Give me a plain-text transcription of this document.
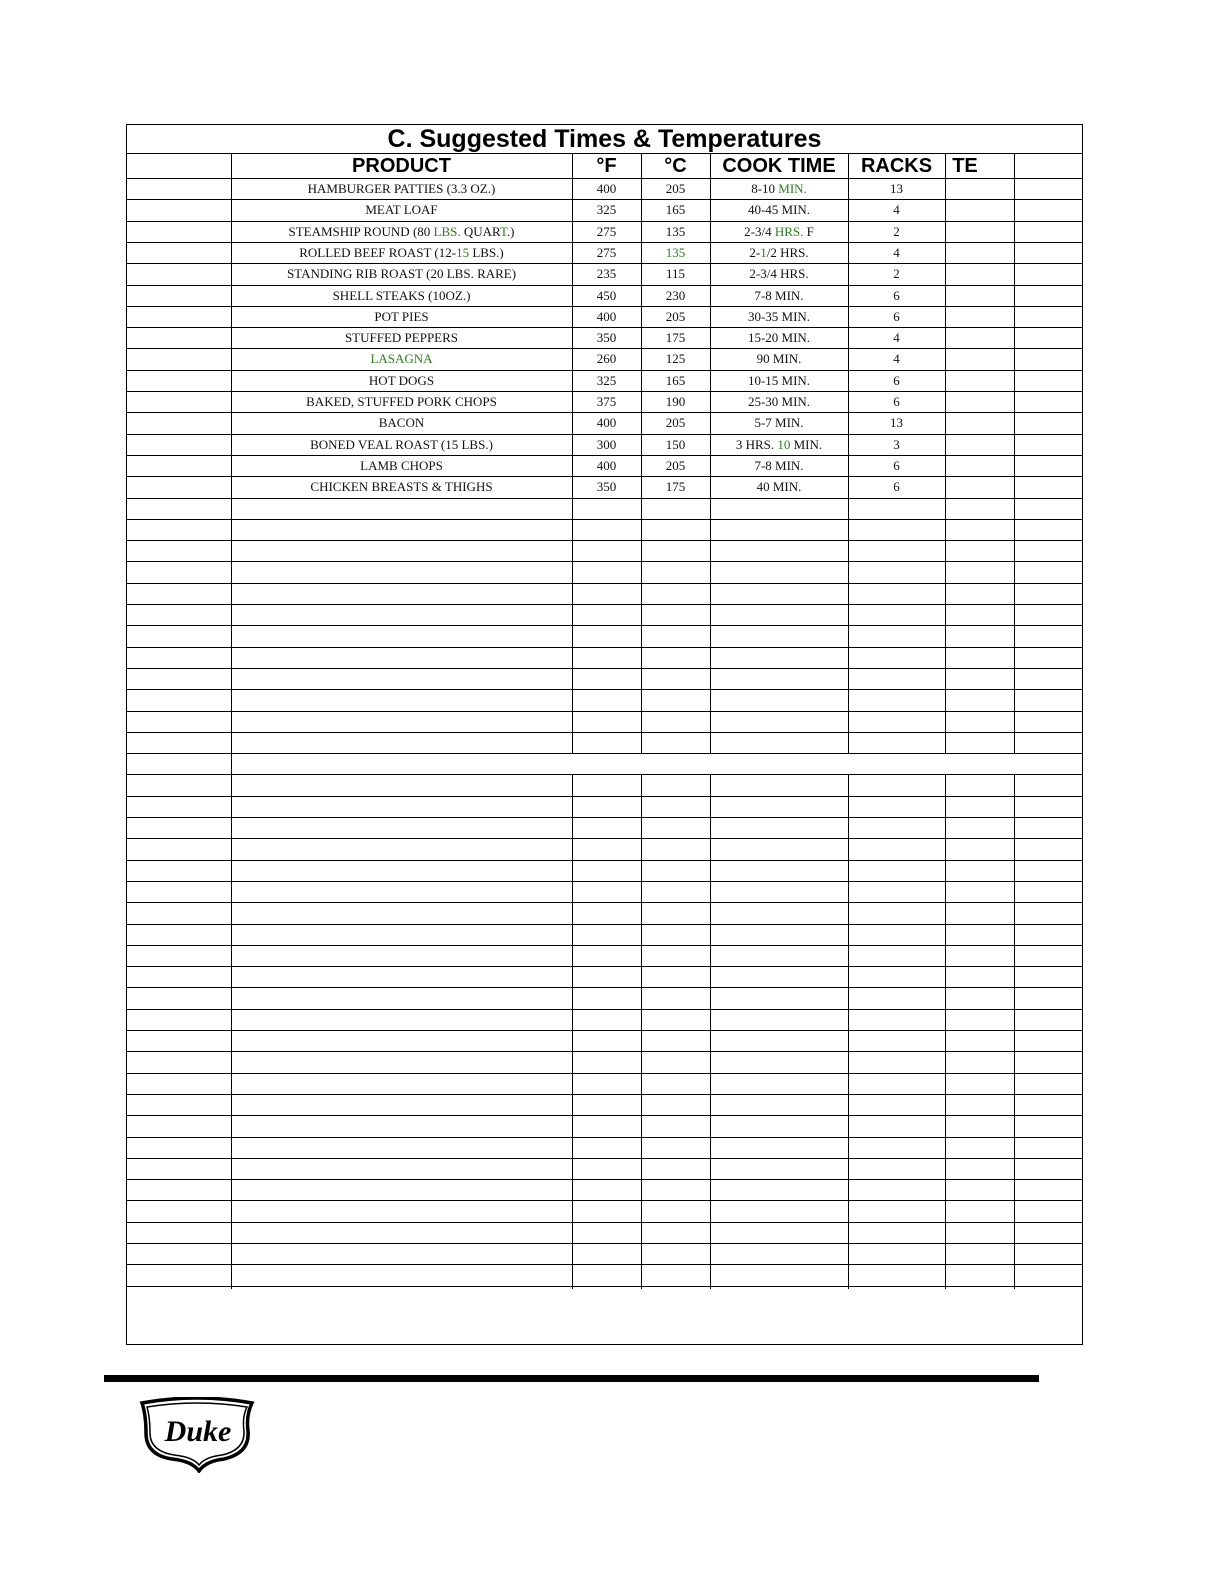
C. Suggested Times & Temperatures
PRODUCT	°F	°C	COOK TIME	RACKS	TE
HAMBURGER PATTIES (3.3 OZ.)	400	205	8-10 MIN.	13
MEAT LOAF	325	165	40-45 MIN.	4
STEAMSHIP ROUND (80 LBS. QUART.)	275	135	2-3/4 HRS. F	2
ROLLED BEEF ROAST (12-15 LBS.)	275	135	2-1/2 HRS.	4
STANDING RIB ROAST (20 LBS. RARE)	235	115	2-3/4 HRS.	2
SHELL STEAKS (10OZ.)	450	230	7-8 MIN.	6
POT PIES	400	205	30-35 MIN.	6
STUFFED PEPPERS	350	175	15-20 MIN.	4
LASAGNA	260	125	90 MIN.	4
HOT DOGS	325	165	10-15 MIN.	6
BAKED, STUFFED PORK CHOPS	375	190	25-30 MIN.	6
BACON	400	205	5-7 MIN.	13
BONED VEAL ROAST (15 LBS.)	300	150	3 HRS. 10 MIN.	3
LAMB CHOPS	400	205	7-8 MIN.	6
CHICKEN BREASTS & THIGHS	350	175	40 MIN.	6
Duke
